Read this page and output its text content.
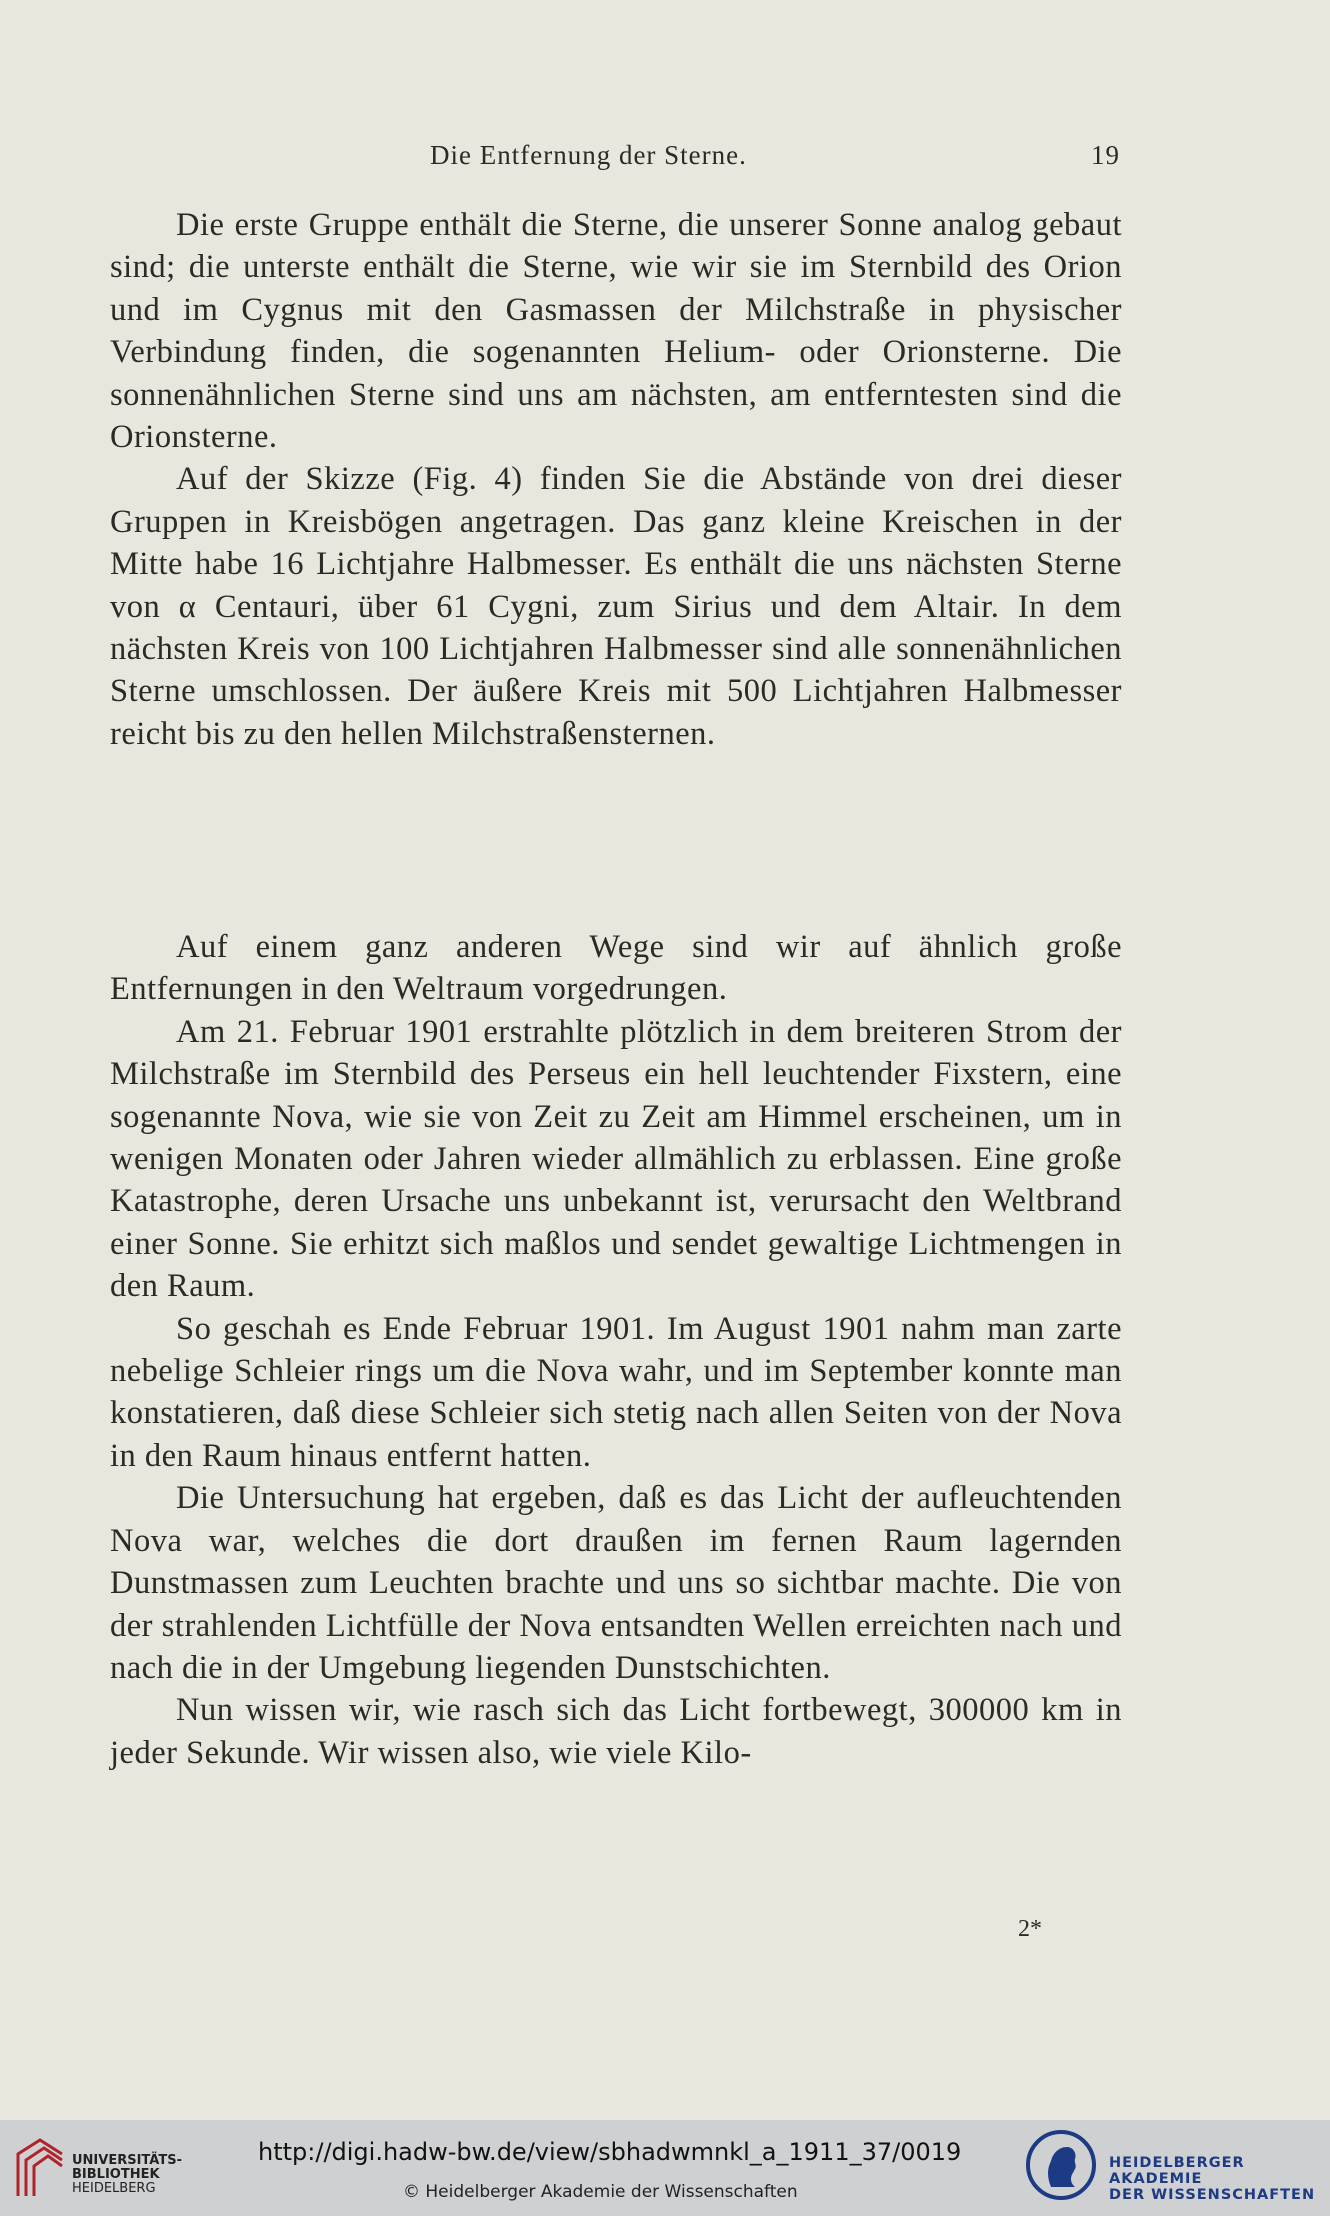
Die Entfernung der Sterne.	19

Die erste Gruppe enthält die Sterne, die unserer Sonne analog gebaut sind; die unterste enthält die Sterne, wie wir sie im Sternbild des Orion und im Cygnus mit den Gasmassen der Milchstraße in physischer Verbindung finden, die sogenannten Helium- oder Orionsterne. Die sonnenähnlichen Sterne sind uns am nächsten, am entferntesten sind die Orionsterne.

Auf der Skizze (Fig. 4) finden Sie die Abstände von drei dieser Gruppen in Kreisbögen angetragen. Das ganz kleine Kreischen in der Mitte habe 16 Lichtjahre Halbmesser. Es enthält die uns nächsten Sterne von α Centauri, über 61 Cygni, zum Sirius und dem Altair. In dem nächsten Kreis von 100 Lichtjahren Halbmesser sind alle sonnenähnlichen Sterne umschlossen. Der äußere Kreis mit 500 Lichtjahren Halbmesser reicht bis zu den hellen Milchstraßensternen.

Auf einem ganz anderen Wege sind wir auf ähnlich große Entfernungen in den Weltraum vorgedrungen.

Am 21. Februar 1901 erstrahlte plötzlich in dem breiteren Strom der Milchstraße im Sternbild des Perseus ein hell leuchtender Fixstern, eine sogenannte Nova, wie sie von Zeit zu Zeit am Himmel erscheinen, um in wenigen Monaten oder Jahren wieder allmählich zu erblassen. Eine große Katastrophe, deren Ursache uns unbekannt ist, verursacht den Weltbrand einer Sonne. Sie erhitzt sich maßlos und sendet gewaltige Lichtmengen in den Raum.

So geschah es Ende Februar 1901. Im August 1901 nahm man zarte nebelige Schleier rings um die Nova wahr, und im September konnte man konstatieren, daß diese Schleier sich stetig nach allen Seiten von der Nova in den Raum hinaus entfernt hatten.

Die Untersuchung hat ergeben, daß es das Licht der aufleuchtenden Nova war, welches die dort draußen im fernen Raum lagernden Dunstmassen zum Leuchten brachte und uns so sichtbar machte. Die von der strahlenden Lichtfülle der Nova entsandten Wellen erreichten nach und nach die in der Umgebung liegenden Dunstschichten.

Nun wissen wir, wie rasch sich das Licht fortbewegt, 300000 km in jeder Sekunde. Wir wissen also, wie viele Kilo-

2*
UNIVERSITÄTS-
BIBLIOTHEK
HEIDELBERG
http://digi.hadw-bw.de/view/sbhadwmnkl_a_1911_37/0019
© Heidelberger Akademie der Wissenschaften
HEIDELBERGER AKADEMIE
DER WISSENSCHAFTEN
